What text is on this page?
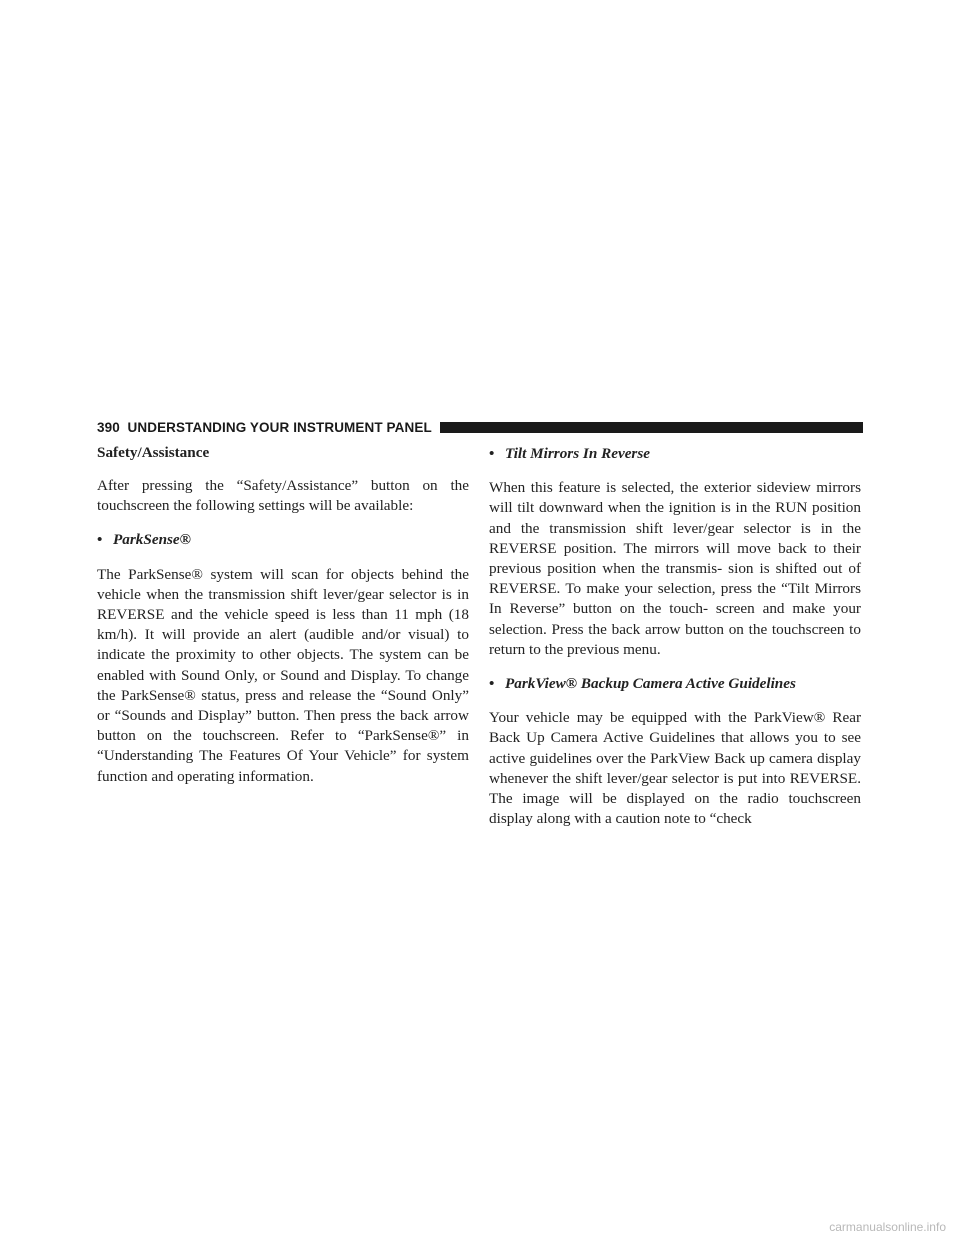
390 UNDERSTANDING YOUR INSTRUMENT PANEL
Safety/Assistance

After pressing the “Safety/Assistance” button on the touchscreen the following settings will be available:

• ParkSense®

The ParkSense® system will scan for objects behind the vehicle when the transmission shift lever/gear selector is in REVERSE and the vehicle speed is less than 11 mph (18 km/h). It will provide an alert (audible and/or visual) to indicate the proximity to other objects. The system can be enabled with Sound Only, or Sound and Display. To change the ParkSense® status, press and release the “Sound Only” or “Sounds and Display” button. Then press the back arrow button on the touchscreen. Refer to “ParkSense®” in “Understanding The Features Of Your Vehicle” for system function and operating information.

• Tilt Mirrors In Reverse

When this feature is selected, the exterior sideview mirrors will tilt downward when the ignition is in the RUN position and the transmission shift lever/gear selector is in the REVERSE position. The mirrors will move back to their previous position when the transmis- sion is shifted out of REVERSE. To make your selection, press the “Tilt Mirrors In Reverse” button on the touch- screen and make your selection. Press the back arrow button on the touchscreen to return to the previous menu.

• ParkView® Backup Camera Active Guidelines

Your vehicle may be equipped with the ParkView® Rear Back Up Camera Active Guidelines that allows you to see active guidelines over the ParkView Back up camera display whenever the shift lever/gear selector is put into REVERSE. The image will be displayed on the radio touchscreen display along with a caution note to “check

carmanualsonline.info
